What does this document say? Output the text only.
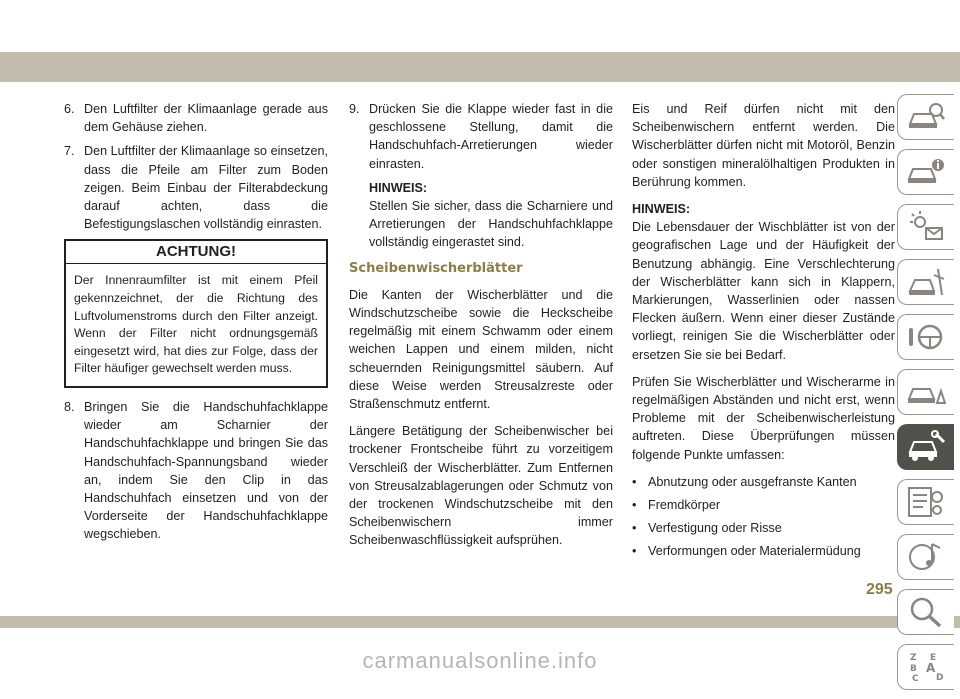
6. Den Luftfilter der Klimaanlage gerade aus dem Gehäuse ziehen.
7. Den Luftfilter der Klimaanlage so einsetzen, dass die Pfeile am Filter zum Boden zeigen. Beim Einbau der Filterabdeckung darauf achten, dass die Befestigungslaschen vollständig einrasten.
ACHTUNG!
Der Innenraumfilter ist mit einem Pfeil gekennzeichnet, der die Richtung des Luftvolumenstroms durch den Filter anzeigt. Wenn der Filter nicht ordnungsgemäß eingesetzt wird, hat dies zur Folge, dass der Filter häufiger gewechselt werden muss.
8. Bringen Sie die Handschuhfachklappe wieder am Scharnier der Handschuhfachklappe und bringen Sie das Handschuhfach-Spannungsband wieder an, indem Sie den Clip in das Handschuhfach einsetzen und von der Vorderseite der Handschuhfachklappe wegschieben.
9. Drücken Sie die Klappe wieder fast in die geschlossene Stellung, damit die Handschuhfach-Arretierungen wieder einrasten.

HINWEIS:

Stellen Sie sicher, dass die Scharniere und Arretierungen der Handschuhfachklappe vollständig eingerastet sind.
Scheibenwischerblätter

Die Kanten der Wischerblätter und die Windschutzscheibe sowie die Heckscheibe regelmäßig mit einem Schwamm oder einem weichen Lappen und einem milden, nicht scheuernden Reinigungsmittel säubern. Auf diese Weise werden Streusalzreste oder Straßenschmutz entfernt.

Längere Betätigung der Scheibenwischer bei trockener Frontscheibe führt zu vorzeitigem Verschleiß der Wischerblätter. Zum Entfernen von Streusalzablagerungen oder Schmutz von der trockenen Windschutzscheibe mit den Scheibenwischern immer Scheibenwaschflüssigkeit aufsprühen.

Eis und Reif dürfen nicht mit den Scheibenwischern entfernt werden. Die Wischerblätter dürfen nicht mit Motoröl, Benzin oder sonstigen mineralölhaltigen Produkten in Berührung kommen.

HINWEIS:

Die Lebensdauer der Wischblätter ist von der geografischen Lage und der Häufigkeit der Benutzung abhängig. Eine Verschlechterung der Wischerblätter kann sich in Klappern, Markierungen, Wasserlinien oder nassen Flecken äußern. Wenn einer dieser Zustände vorliegt, reinigen Sie die Wischerblätter oder ersetzen Sie sie bei Bedarf.

Prüfen Sie Wischerblätter und Wischerarme in regelmäßigen Abständen und nicht erst, wenn Probleme mit der Scheibenwischerleistung auftreten. Diese Überprüfungen müssen folgende Punkte umfassen:

• Abnutzung oder ausgefranste Kanten
• Fremdkörper
• Verfestigung oder Risse
• Verformungen oder Materialermüdung
Z E
B A
C D
295
carmanualsonline.info
